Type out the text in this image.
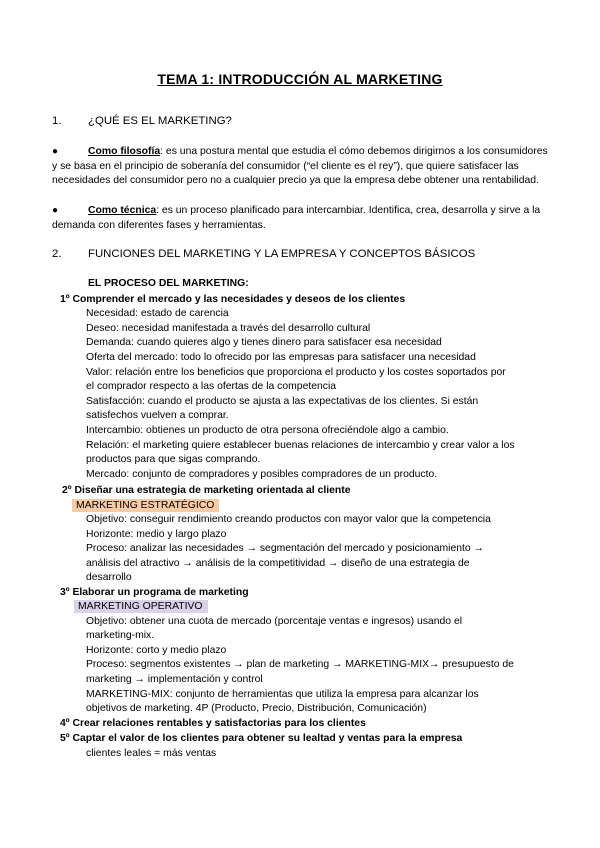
TEMA 1: INTRODUCCIÓN AL MARKETING
1. ¿QUÉ ES EL MARKETING?
●	Como filosofía: es una postura mental que estudia el cómo debemos dirigirnos a los consumidores y se basa en el principio de soberanía del consumidor (“el cliente es el rey”), que quiere satisfacer las necesidades del consumidor pero no a cualquier precio ya que la empresa debe obtener una rentabilidad.
●	Como técnica: es un proceso planificado para intercambiar. Identifica, crea, desarrolla y sirve a la demanda con diferentes fases y herramientas.
2. FUNCIONES DEL MARKETING Y LA EMPRESA Y CONCEPTOS BÁSICOS
EL PROCESO DEL MARKETING:
1º Comprender el mercado y las necesidades y deseos de los clientes
Necesidad: estado de carencia
Deseo: necesidad manifestada a través del desarrollo cultural
Demanda: cuando quieres algo y tienes dinero para satisfacer esa necesidad
Oferta del mercado: todo lo ofrecido por las empresas para satisfacer una necesidad
Valor: relación entre los beneficios que proporciona el producto y los costes soportados por
el comprador respecto a las ofertas de la competencia
Satisfacción: cuando el producto se ajusta a las expectativas de los clientes. Si están
satisfechos vuelven a comprar.
Intercambio: obtienes un producto de otra persona ofreciéndole algo a cambio.
Relación: el marketing quiere establecer buenas relaciones de intercambio y crear valor a los
productos para que sigas comprando.
Mercado: conjunto de compradores y posibles compradores de un producto.
2º Diseñar una estrategia de marketing orientada al cliente
MARKETING ESTRATÉGICO
Objetivo: conseguir rendimiento creando productos con mayor valor que la competencia
Horizonte: medio y largo plazo
Proceso: analizar las necesidades → segmentación del mercado y posicionamiento →
análisis del atractivo → análisis de la competitividad → diseño de una estrategia de
desarrollo
3º Elaborar un programa de marketing
MARKETING OPERATIVO
Objetivo: obtener una cuota de mercado (porcentaje ventas e ingresos) usando el
marketing-mix.
Horizonte: corto y medio plazo
Proceso: segmentos existentes → plan de marketing → MARKETING-MIX→ presupuesto de
marketing → implementación y control
MARKETING-MIX: conjunto de herramientas que utiliza la empresa para alcanzar los
objetivos de marketing. 4P (Producto, Precio, Distribución, Comunicación)
4º Crear relaciones rentables y satisfactorias para los clientes
5º Captar el valor de los clientes para obtener su lealtad y ventas para la empresa
clientes leales = más ventas
